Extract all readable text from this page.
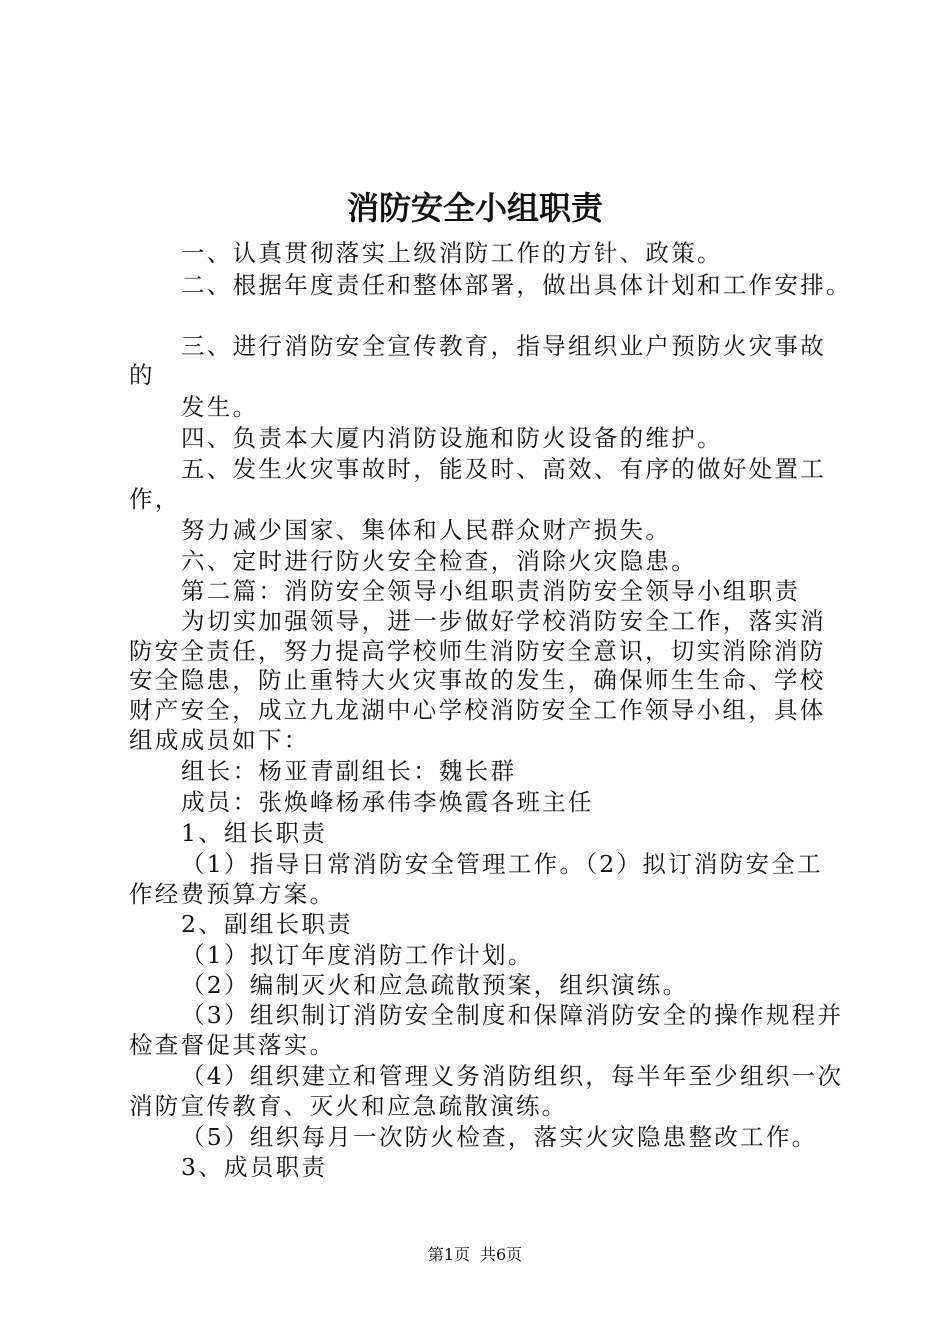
消防安全小组职责

一、认真贯彻落实上级消防工作的方针、政策。

二、根据年度责任和整体部署，做出具体计划和工作安排。

三、进行消防安全宣传教育，指导组织业户预防火灾事故

的

发生。

四、负责本大厦内消防设施和防火设备的维护。

五、发生火灾事故时，能及时、高效、有序的做好处置工

作，

努力减少国家、集体和人民群众财产损失。

六、定时进行防火安全检查，消除火灾隐患。

第二篇：消防安全领导小组职责消防安全领导小组职责

为切实加强领导，进一步做好学校消防安全工作，落实消

防安全责任，努力提高学校师生消防安全意识，切实消除消防

安全隐患，防止重特大火灾事故的发生，确保师生生命、学校

财产安全，成立九龙湖中心学校消防安全工作领导小组，具体

组成成员如下：

组长：杨亚青副组长：魏长群

成员：张焕峰杨承伟李焕霞各班主任

1、组长职责

（1）指导日常消防安全管理工作。（2）拟订消防安全工

作经费预算方案。

2、副组长职责

（1）拟订年度消防工作计划。

（2）编制灭火和应急疏散预案，组织演练。

（3）组织制订消防安全制度和保障消防安全的操作规程并

检查督促其落实。

（4）组织建立和管理义务消防组织，每半年至少组织一次

消防宣传教育、灭火和应急疏散演练。

（5）组织每月一次防火检查，落实火灾隐患整改工作。

3、成员职责

第1页 共6页
